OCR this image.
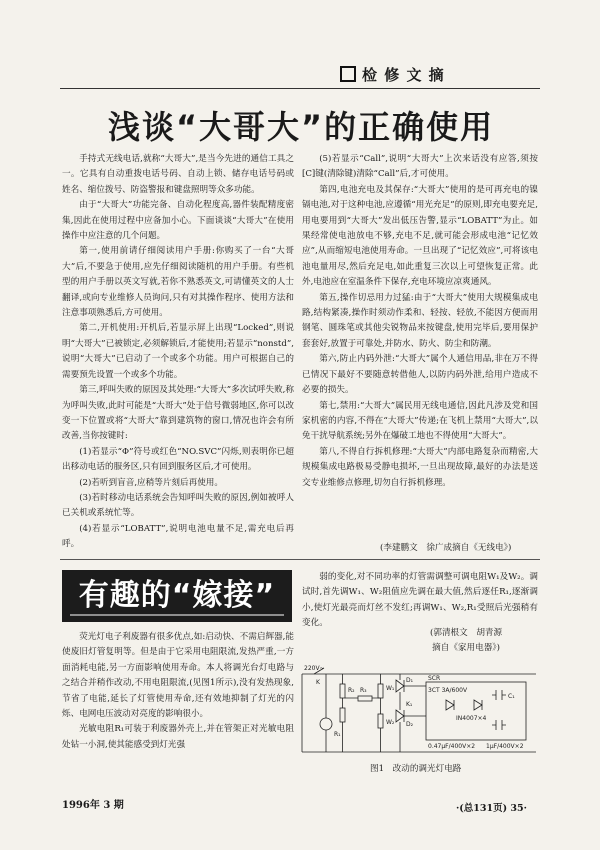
检 修 文 摘
浅谈“大哥大”的正确使用

手持式无线电话,就称“大哥大”,是当今先进的通信工具之一。它具有自动重拨电话号码、自动上锁、储存电话号码或姓名、缩位拨号、防盗警报和键盘照明等众多功能。

由于“大哥大”功能完备、自动化程度高,器件装配精度密集,因此在使用过程中应备加小心。下面谈谈“大哥大”在使用操作中应注意的几个问题。

第一,使用前请仔细阅读用户手册:你购买了一台“大哥大”后,不要急于使用,应先仔细阅读随机的用户手册。有些机型的用户手册以英文写就,若你不熟悉英文,可请懂英文的人士翻译,或向专业维修人员询问,只有对其操作程序、使用方法和注意事项熟悉后,方可使用。

第二,开机使用:开机后,若显示屏上出现“Locked”,则说明“大哥大”已被锁定,必须解锁后,才能使用;若显示“nonstd”,说明“大哥大”已启动了一个或多个功能。用户可根据自己的需要预先设置一个或多个功能。

第三,呼叫失败的原因及其处理:“大哥大”多次试呼失败,称为呼叫失败,此时可能是“大哥大”处于信号微弱地区,你可以改变一下位置或将“大哥大”靠到建筑物的窗口,情况也许会有所改善,当你按键时:

(1)若显示“Φ”符号或红色“NO.SVC”闪烁,则表明你已超出移动电话的服务区,只有回到服务区后,才可使用。

(2)若听到盲音,应稍等片刻后再使用。

(3)若时移动电话系统会告知呼叫失败的原因,例如被呼人已关机或系统忙等。

(4)若显示“LOBATT”,说明电池电量不足,需充电后再呼。

(5)若显示“Call”,说明“大哥大”上次来话没有应答,须按[C]键(清除键)清除“Call”后,才可使用。

第四,电池充电及其保存:“大哥大”使用的是可再充电的镍镉电池,对于这种电池,应遵循“用光充足”的原则,即充电要充足,用电要用到“大哥大”发出低压告警,显示“LOBATT”为止。如果经常使电池放电不够,充电不足,就可能会形成电池“记忆效应”,从而缩短电池使用寿命。一旦出现了“记忆效应”,可将该电池电量用尽,然后充足电,如此重复三次以上可望恢复正常。此外,电池应在室温条件下保存,充电环境应凉爽通风。

第五,操作切忌用力过猛:由于“大哥大”使用大规模集成电路,结构紧凑,操作时须动作柔和、轻按、轻放,不能因方便而用钢笔、圆珠笔或其他尖锐物品来按键盘,使用完毕后,要用保护套套好,放置于可靠处,并防水、防火、防尘和防潮。

第六,防止内码外泄:“大哥大”属个人通信用品,非在万不得已情况下最好不要随意转借他人,以防内码外泄,给用户造成不必要的损失。

第七,禁用:“大哥大”属民用无线电通信,因此凡涉及党和国家机密的内容,不得在“大哥大”传递;在飞机上禁用“大哥大”,以免干扰导航系统;另外在爆破工地也不得使用“大哥大”。

第八,不得自行拆机修理:“大哥大”内部电路复杂而精密,大规模集成电路极易受静电损坏,一旦出现故障,最好的办法是送交专业维修点修理,切勿自行拆机修理。

(李建鹏文　徐广成摘自《无线电》)
有趣的“嫁接”

荧光灯电子利废器有很多优点,如:启动快、不需启辉器,能使废旧灯管复明等。但是由于它采用电阻限流,发热严重,一方面消耗电能,另一方面影响使用寿命。本人将调光台灯电路与之结合并稍作改动,不用电阻限流,(见图1所示),没有发热现象,节省了电能,延长了灯管使用寿命,还有效地抑制了灯光的闪烁、电网电压波动对亮度的影响很小。

光敏电阻R₁可装于利废器外壳上,并在管架正对光敏电阻处钻一小洞,使其能感受到灯光强

弱的变化,对不同功率的灯管需调整可调电阻W₁及W₂。调试时,首先调W₁、W₂阻值应先调在最大值,然后逐任R₁,逐渐调小,使灯光最亮而灯丝不发红;再调W₁、W₂,R₁受照后光强稍有变化。

(郭清根文　胡青源
摘自《家用电器》)
220V~
K
R₂
R₁
R₃	W₁
W₂
D₁
D₂
K₁
SCR
3CT 3A/600V
C₁
IN4007×4
0.47μF/400V×2 1μF/400V×2
图1　改动的调光灯电路
1996年 3 期	·(总131页) 35·
